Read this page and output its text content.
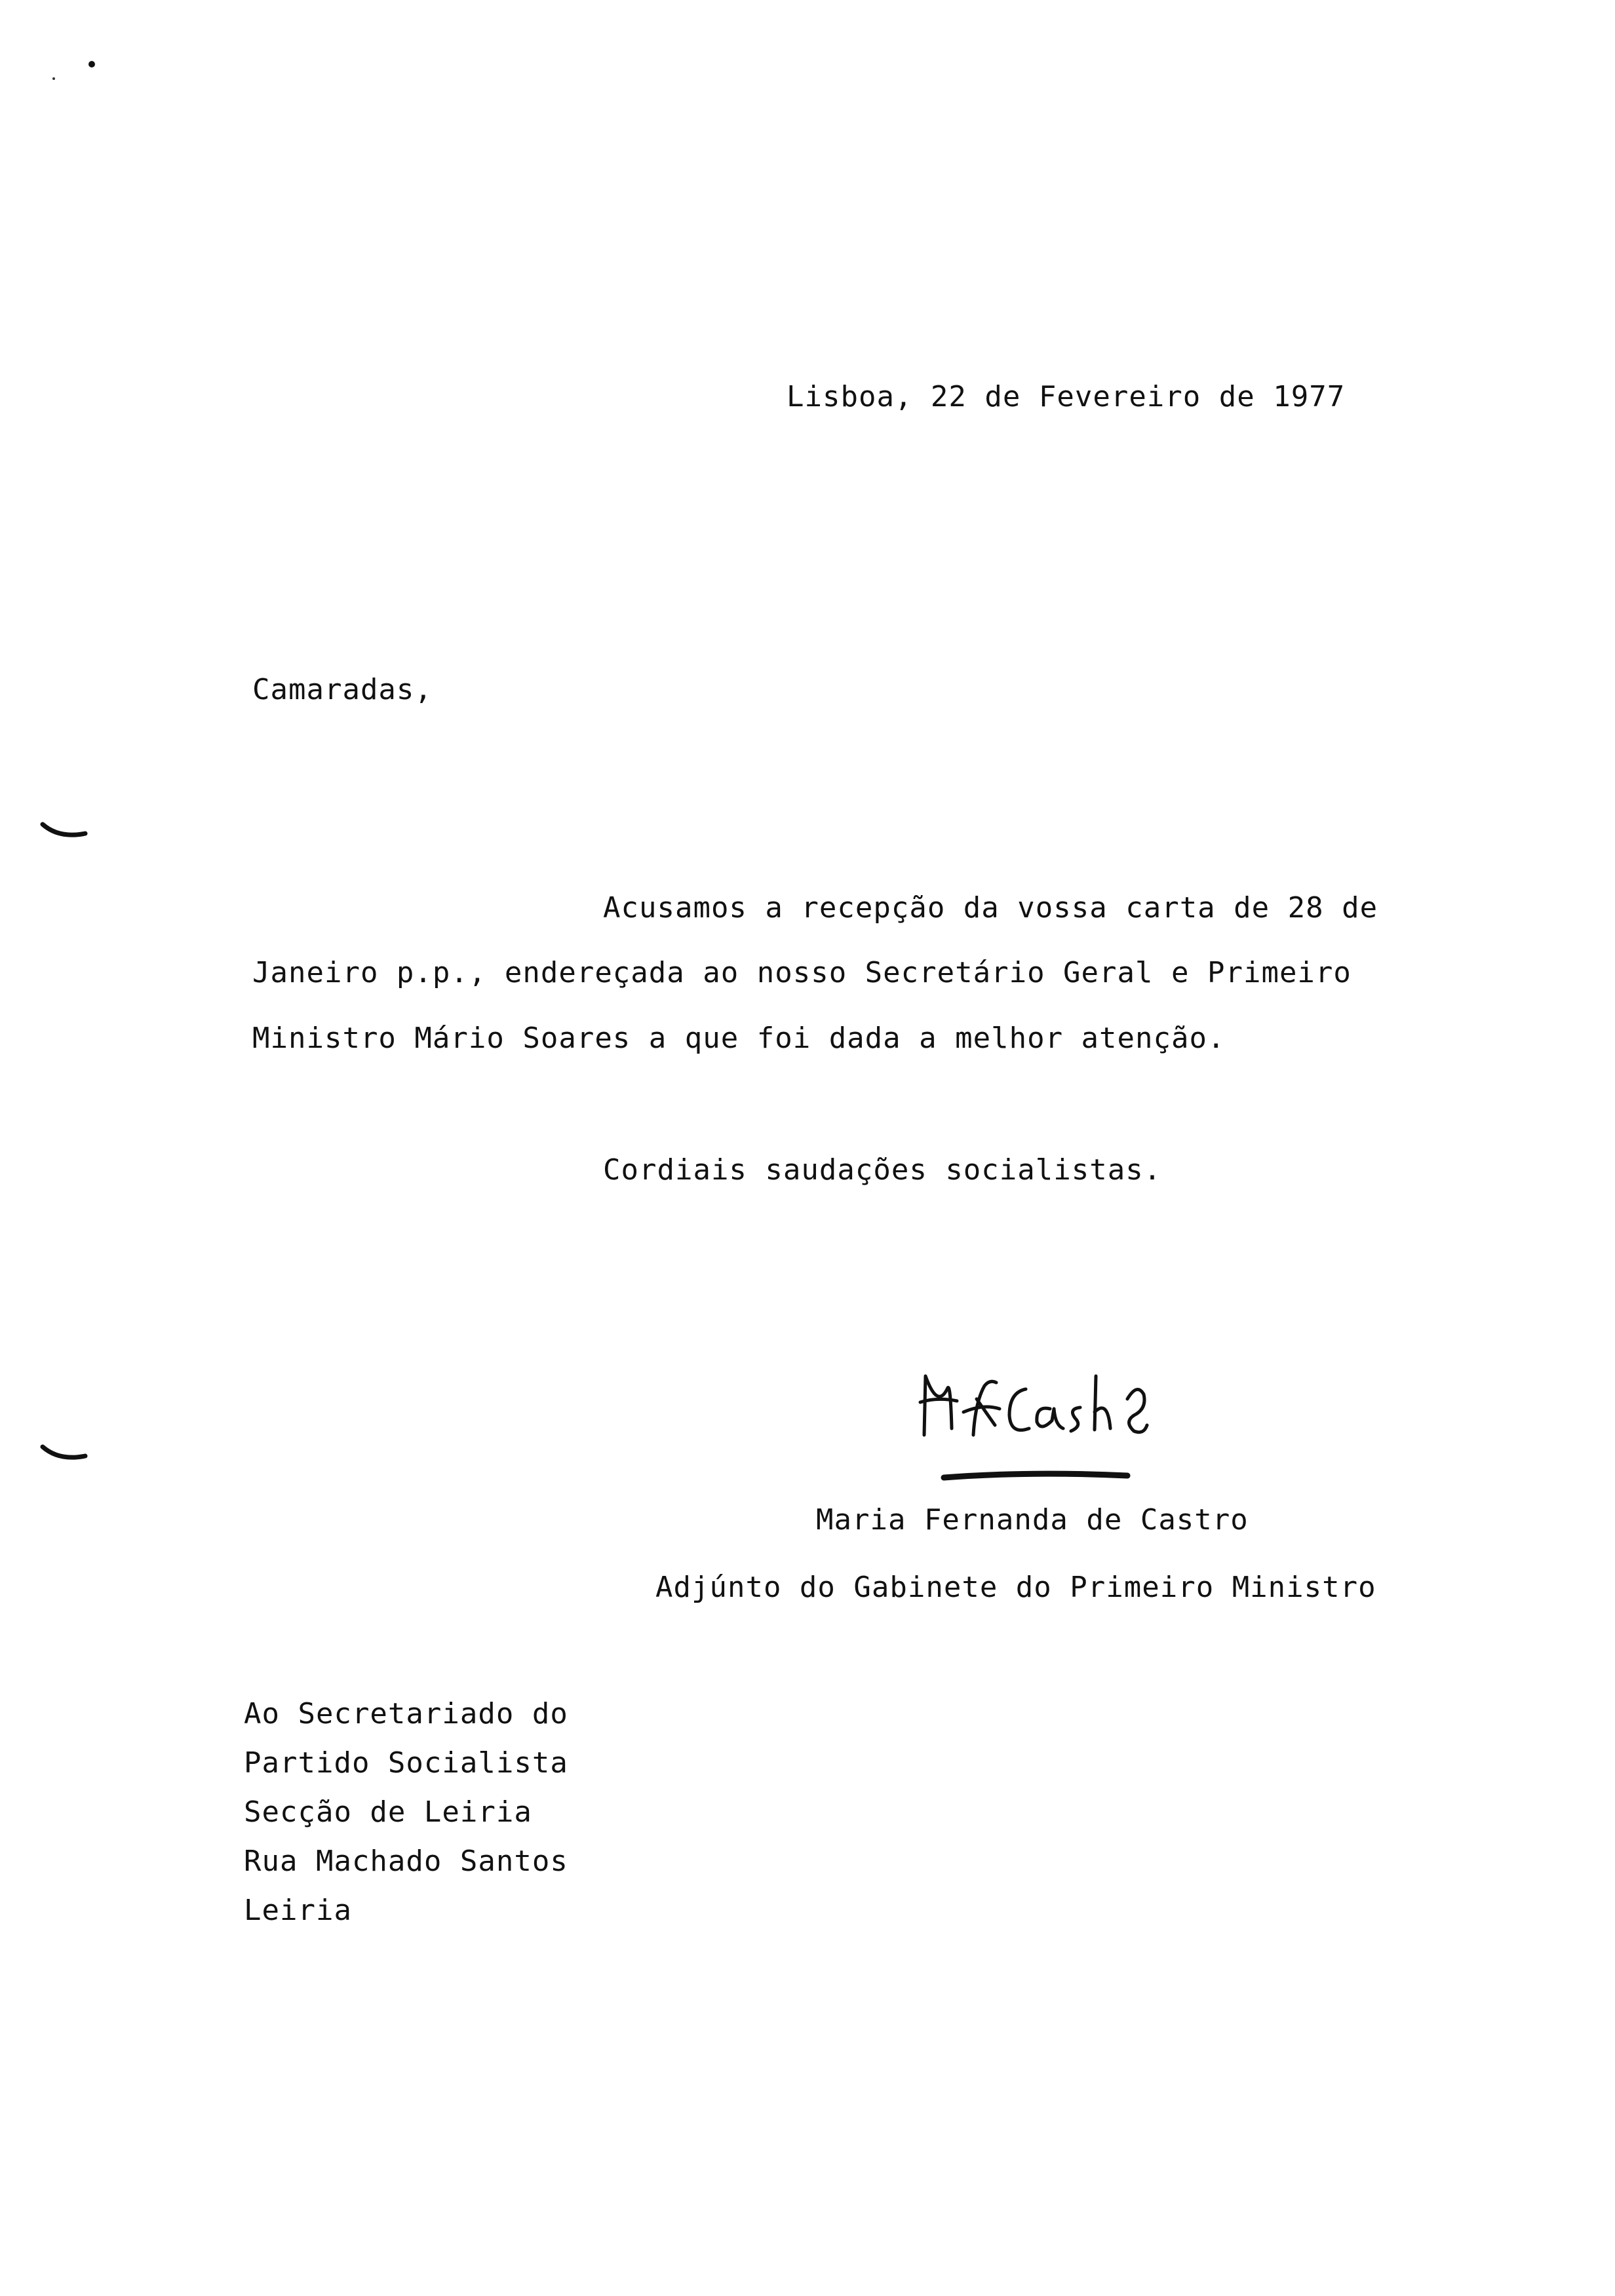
Lisboa, 22 de Fevereiro de 1977
Camaradas,
Acusamos a recepção da vossa carta de 28 de
Janeiro p.p., endereçada ao nosso Secretário Geral e Primeiro
Ministro Mário Soares a que foi dada a melhor atenção.
Cordiais saudações socialistas.
Maria Fernanda de Castro
Adjúnto do Gabinete do Primeiro Ministro
Ao Secretariado do
Partido Socialista
Secção de Leiria
Rua Machado Santos
Leiria
